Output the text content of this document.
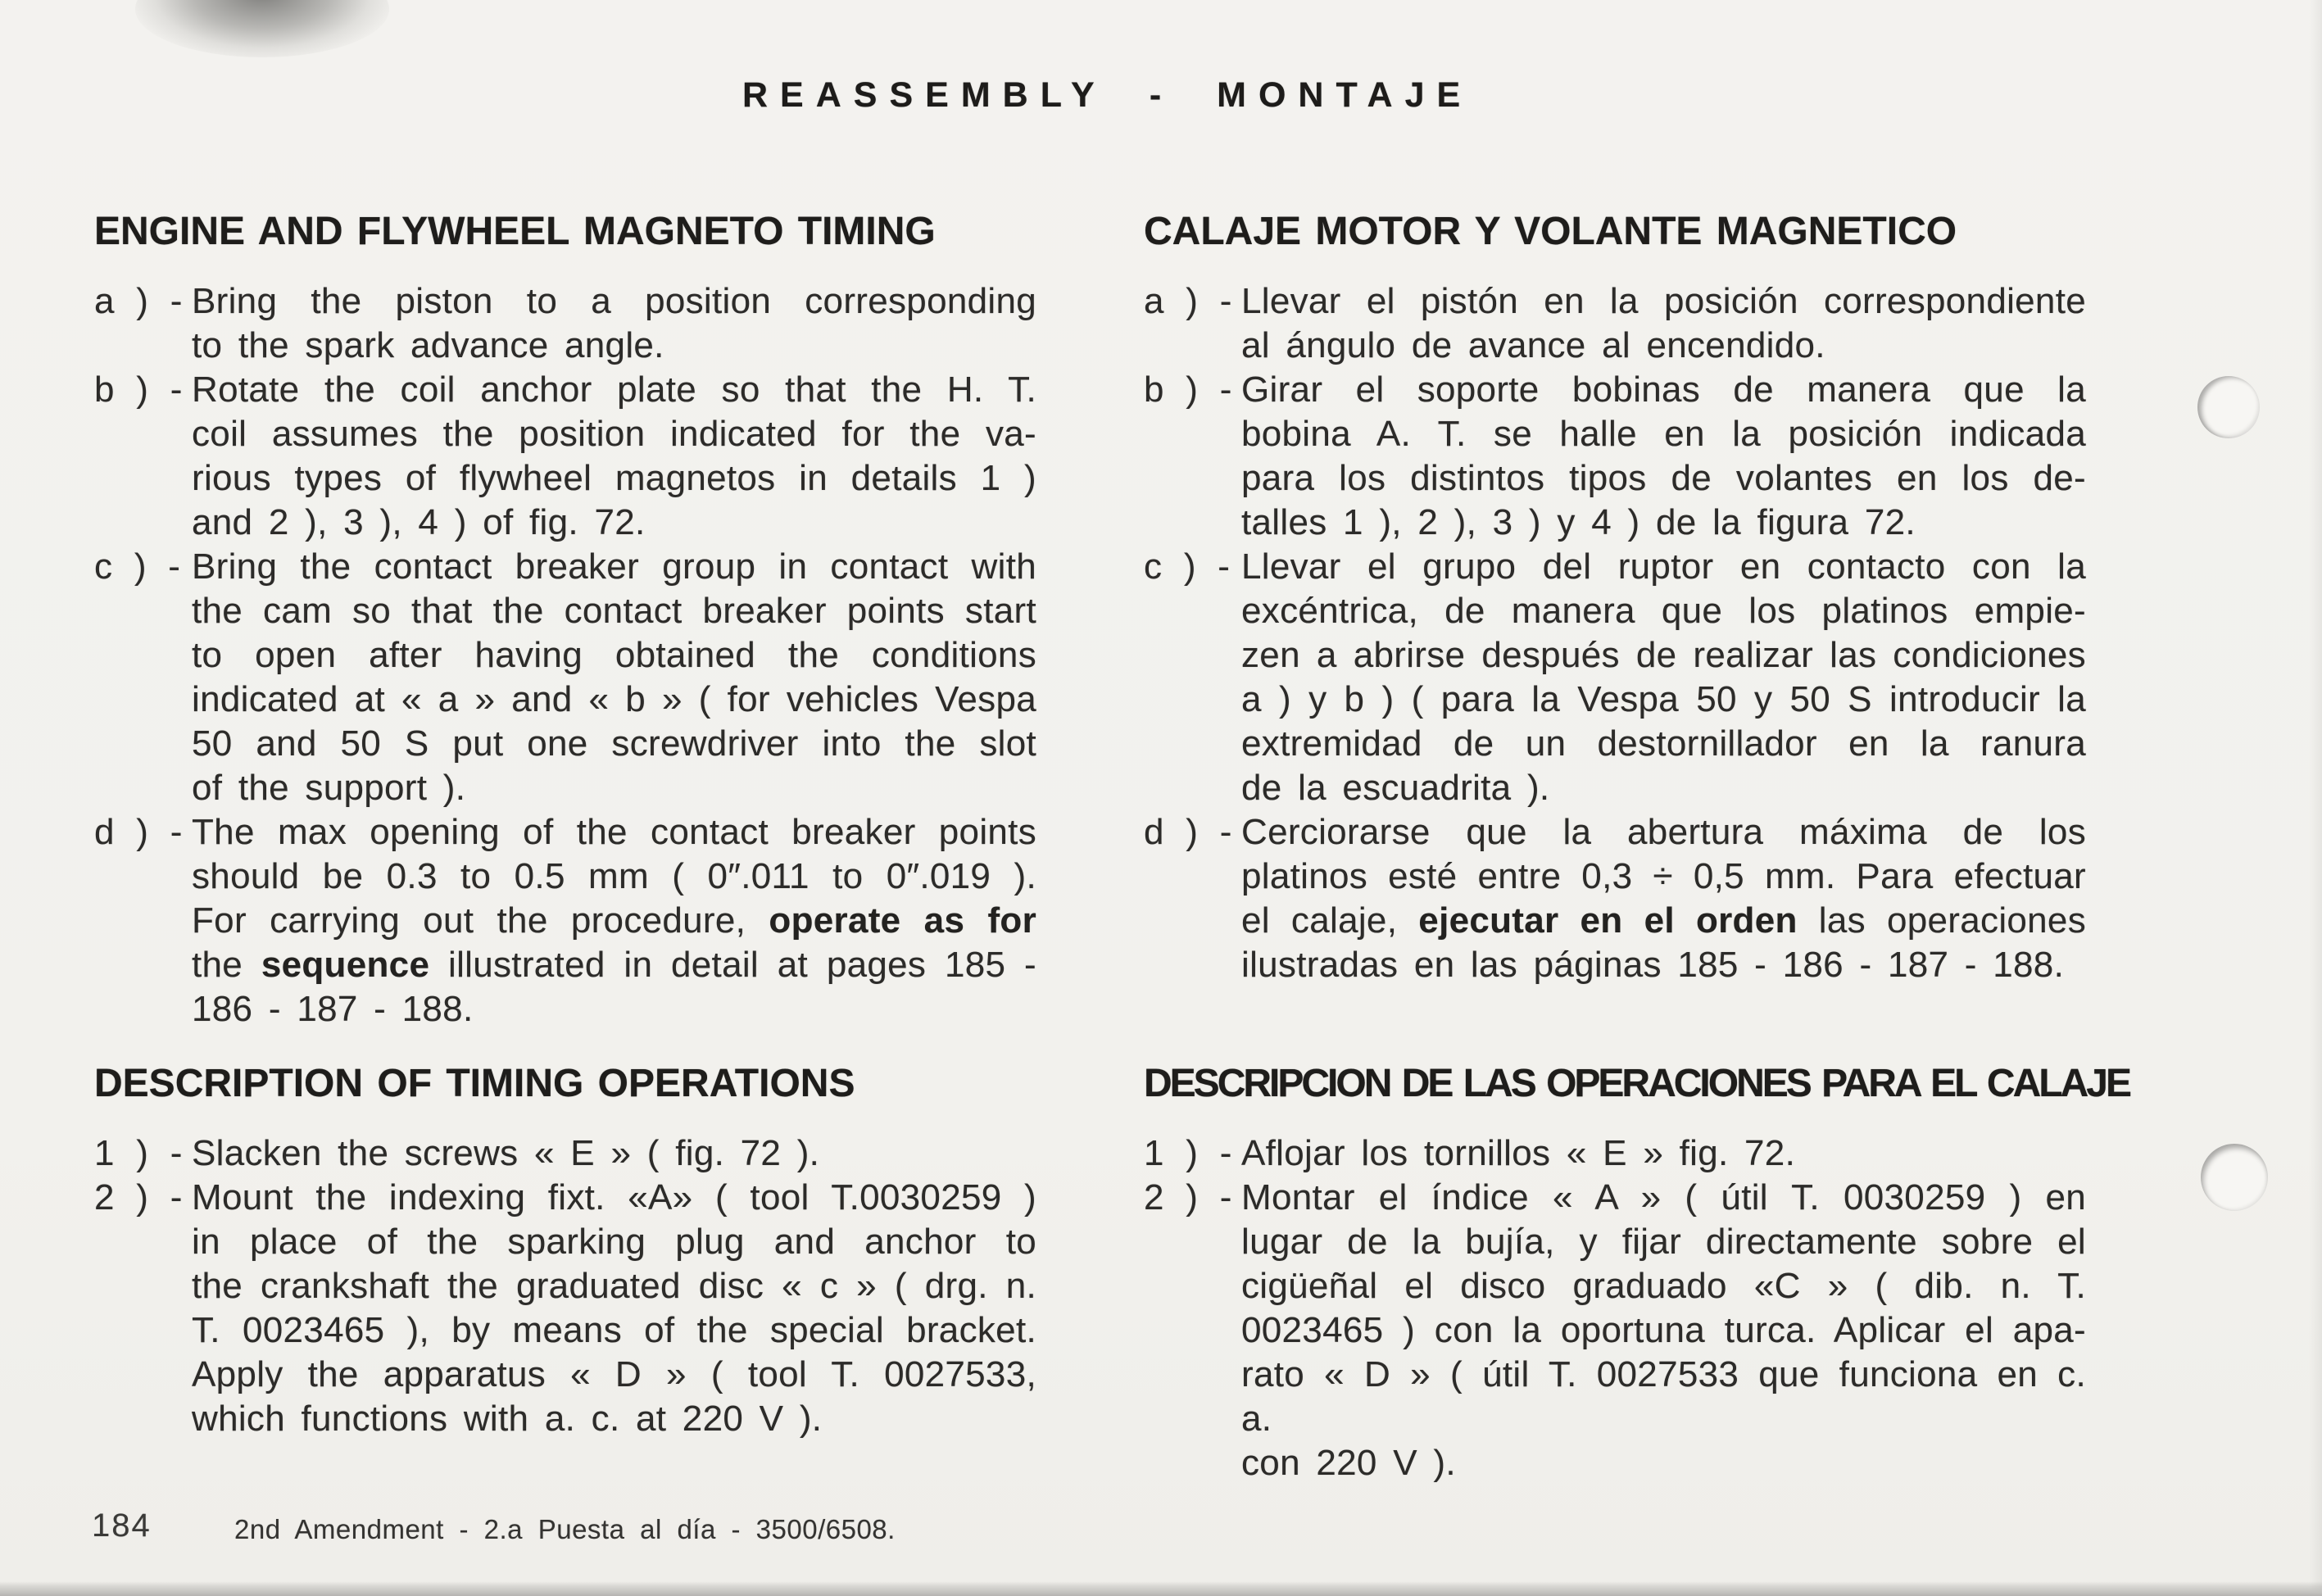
REASSEMBLY - MONTAJE
ENGINE AND FLYWHEEL MAGNETO TIMING
a ) - Bring the piston to a position corresponding
to the spark advance angle.
b ) - Rotate the coil anchor plate so that the H. T.
coil assumes the position indicated for the va-
rious types of flywheel magnetos in details 1 )
and 2 ), 3 ), 4 ) of fig. 72.
c ) - Bring the contact breaker group in contact with
the cam so that the contact breaker points start
to open after having obtained the conditions
indicated at « a » and « b » ( for vehicles Vespa
50 and 50 S put one screwdriver into the slot
of the support ).
d ) - The max opening of the contact breaker points
should be 0.3 to 0.5 mm ( 0″.011 to 0″.019 ).
For carrying out the procedure, operate as for
the sequence illustrated in detail at pages 185 -
186 - 187 - 188.
DESCRIPTION OF TIMING OPERATIONS
1 ) - Slacken the screws « E » ( fig. 72 ).
2 ) - Mount the indexing fixt. «A» ( tool T.0030259 )
in place of the sparking plug and anchor to
the crankshaft the graduated disc « c » ( drg. n.
T. 0023465 ), by means of the special bracket.
Apply the apparatus « D » ( tool T. 0027533,
which functions with a. c. at 220 V ).
CALAJE MOTOR Y VOLANTE MAGNETICO
a ) - Llevar el pistón en la posición correspondiente
al ángulo de avance al encendido.
b ) - Girar el soporte bobinas de manera que la
bobina A. T. se halle en la posición indicada
para los distintos tipos de volantes en los de-
talles 1 ), 2 ), 3 ) y 4 ) de la figura 72.
c ) - Llevar el grupo del ruptor en contacto con la
excéntrica, de manera que los platinos empie-
zen a abrirse después de realizar las condiciones
a ) y b ) ( para la Vespa 50 y 50 S introducir la
extremidad de un destornillador en la ranura
de la escuadrita ).
d ) - Cerciorarse que la abertura máxima de los
platinos esté entre 0,3 ÷ 0,5 mm. Para efectuar
el calaje, ejecutar en el orden las operaciones
ilustradas en las páginas 185 - 186 - 187 - 188.
DESCRIPCION DE LAS OPERACIONES PARA EL CALAJE
1 ) - Aflojar los tornillos « E » fig. 72.
2 ) - Montar el índice « A » ( útil T. 0030259 ) en
lugar de la bujía, y fijar directamente sobre el
cigüeñal el disco graduado «C » ( dib. n. T.
0023465 ) con la oportuna turca. Aplicar el apa-
rato « D » ( útil T. 0027533 que funciona en c. a.
con 220 V ).
184	2nd Amendment - 2.a Puesta al día - 3500/6508.
